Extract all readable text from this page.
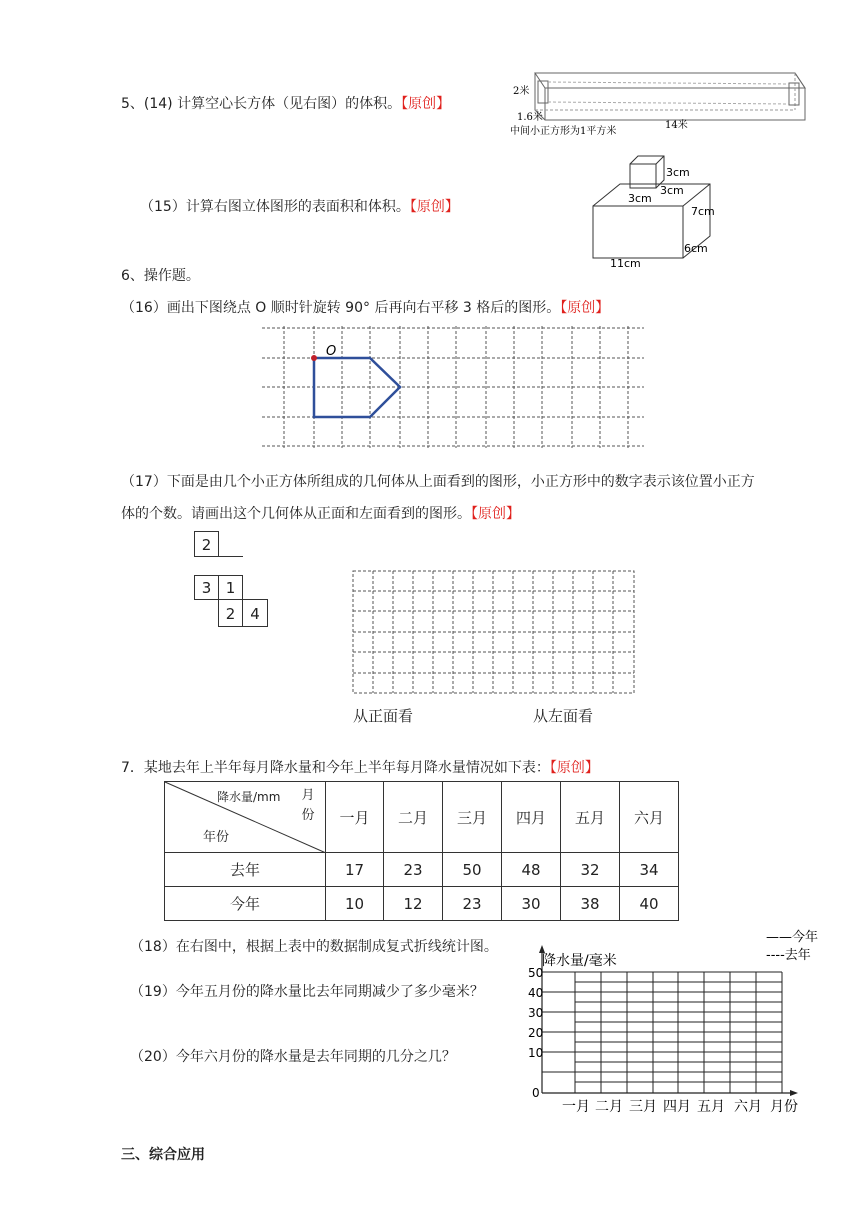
5、(14) 计算空心长方体（见右图）的体积。【原创】
2米
1.6米
14米
中间小正方形为1平方米
（15）计算右图立体图形的表面积和体积。【原创】
3cm
3cm
3cm
7cm
6cm
11cm
6、操作题。
（16）画出下图绕点 O 顺时针旋转 90° 后再向右平移 3 格后的图形。【原创】
O
（17）下面是由几个小正方体所组成的几何体从上面看到的图形，小正方形中的数字表示该位置小正方
体的个数。请画出这个几何体从正面和左面看到的图形。【原创】
2
3 1
2 4
从正面看	从左面看
7．某地去年上半年每月降水量和今年上半年每月降水量情况如下表：【原创】
降水量/mm 月份
年份	一月	二月	三月	四月	五月	六月
去年	17	23	50	48	32	34
今年	10	12	23	30	38	40
（18）在右图中，根据上表中的数据制成复式折线统计图。
（19）今年五月份的降水量比去年同期减少了多少毫米？
（20）今年六月份的降水量是去年同期的几分之几？
——今年
----去年
降水量/毫米
50
40
30
20
10
0
一月 二月 三月 四月 五月 六月 月份
三、综合应用
